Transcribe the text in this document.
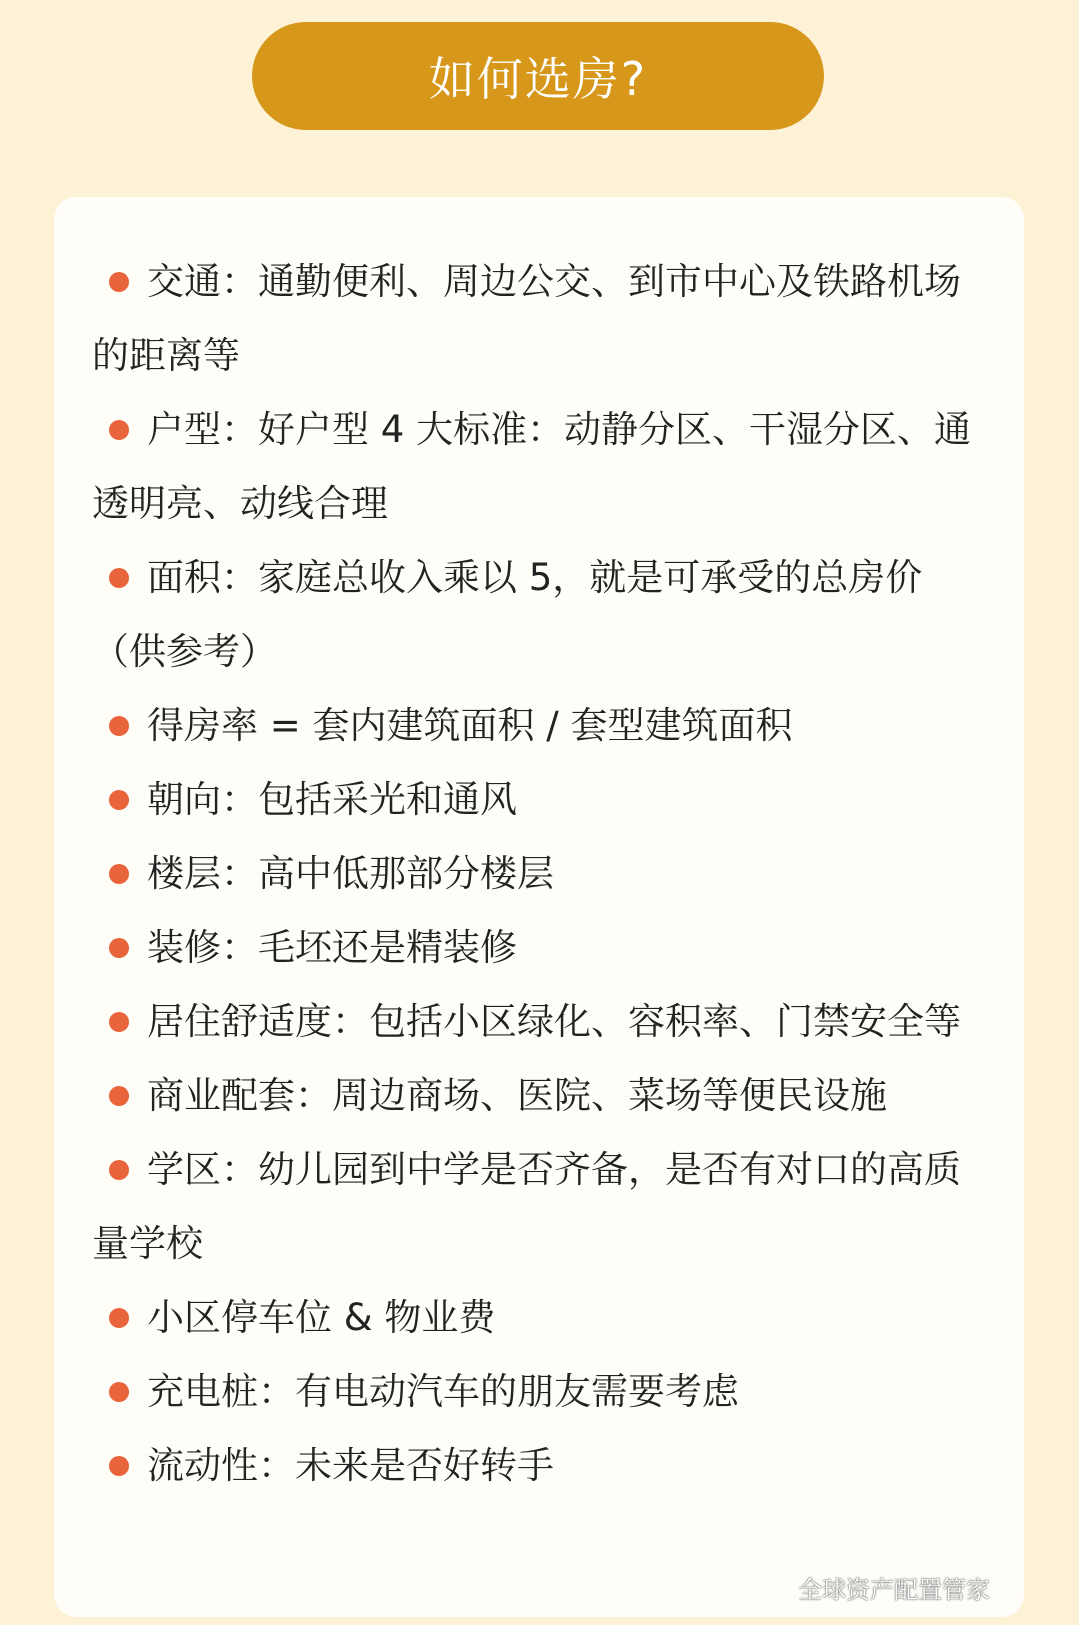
如何选房?
交通：通勤便利、周边公交、到市中心及铁路机场的距离等
户型：好户型 4 大标准：动静分区、干湿分区、通透明亮、动线合理
面积：家庭总收入乘以 5，就是可承受的总房价（供参考）
得房率 = 套内建筑面积 / 套型建筑面积
朝向：包括采光和通风
楼层：高中低那部分楼层
装修：毛坯还是精装修
居住舒适度：包括小区绿化、容积率、门禁安全等
商业配套：周边商场、医院、菜场等便民设施
学区：幼儿园到中学是否齐备，是否有对口的高质量学校
小区停车位 & 物业费
充电桩：有电动汽车的朋友需要考虑
流动性：未来是否好转手
全球资产配置管家
